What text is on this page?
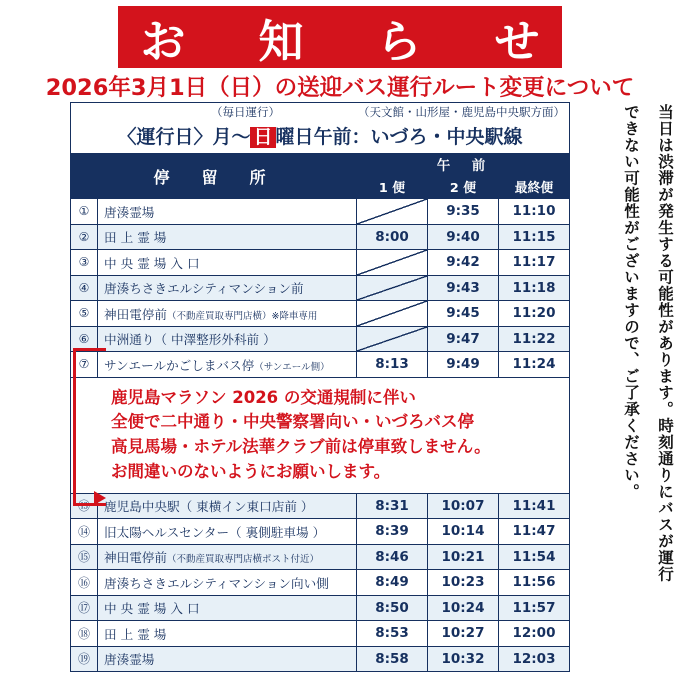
お　知　ら　せ
2026年3月1日（日）の送迎バス運行ルート変更について
できない可能性がございますので、ご了承ください。 当日は渋滞が発生する可能性があります。時刻通りにバスが運行
（毎日運行）	（天文館・山形屋・鹿児島中央駅方面）
〈運行日〉月～ 日 曜日午前：いづろ・中央駅線
停　留　所		午　前		
		1 便	2 便	最終便
①	唐湊霊場		9:35	11:10
②	田 上 霊 場	8:00	9:40	11:15
③	中 央 霊 場 入 口		9:42	11:17
④	唐湊ちさきエルシティマンション前		9:43	11:18
⑤	神田電停前（不動産買取専門店横）※降車専用		9:45	11:20
⑥	中洲通り（ 中澤整形外科前 ）		9:47	11:22
⑦	サンエールかごしまバス停（サンエール側）	8:13	9:49	11:24

鹿児島マラソン 2026 の交通規制に伴い
全便で二中通り・中央警察署向い・いづろバス停
高見馬場・ホテル法華クラブ前は停車致しません。
お間違いのないようにお願いします。				

⑬	鹿児島中央駅（ 東横イン東口店前 ）	8:31	10:07	11:41
⑭	旧太陽ヘルスセンター（ 裏側駐車場 ）	8:39	10:14	11:47
⑮	神田電停前（不動産買取専門店横ポスト付近）	8:46	10:21	11:54
⑯	唐湊ちさきエルシティマンション向い側	8:49	10:23	11:56
⑰	中 央 霊 場 入 口	8:50	10:24	11:57
⑱	田 上 霊 場	8:53	10:27	12:00
⑲	唐湊霊場	8:58	10:32	12:03
